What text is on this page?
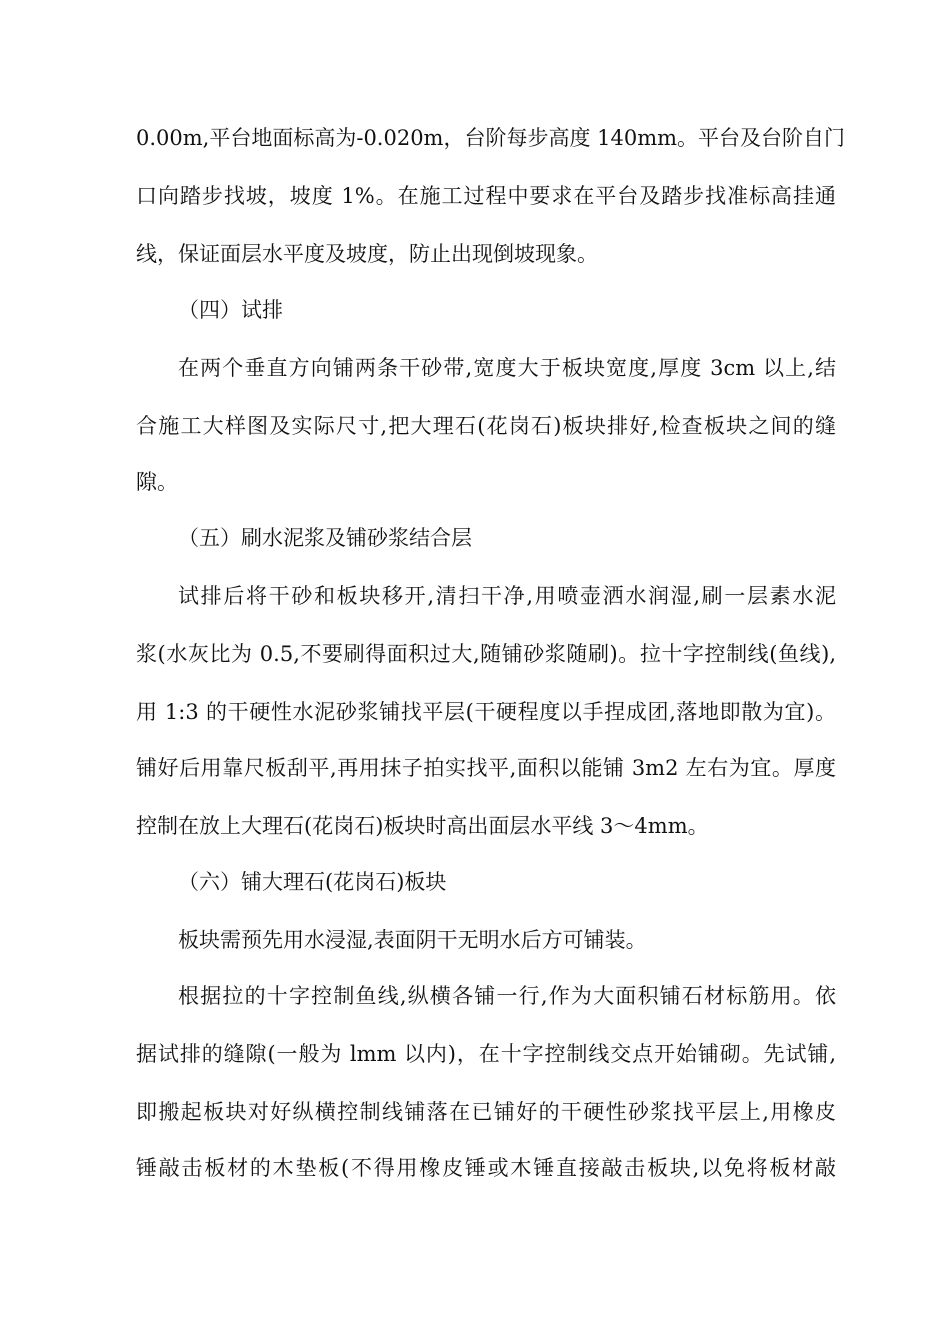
0.00m,平台地面标高为-0.020m，台阶每步高度 140mm。平台及台阶自门
口向踏步找坡，坡度 1%。在施工过程中要求在平台及踏步找准标高挂通
线，保证面层水平度及坡度，防止出现倒坡现象。
（四）试排
在两个垂直方向铺两条干砂带,宽度大于板块宽度,厚度 3cm 以上,结
合施工大样图及实际尺寸,把大理石(花岗石)板块排好,检查板块之间的缝
隙。
（五）刷水泥浆及铺砂浆结合层
试排后将干砂和板块移开,清扫干净,用喷壶洒水润湿,刷一层素水泥
浆(水灰比为 0.5,不要刷得面积过大,随铺砂浆随刷)。拉十字控制线(鱼线),
用 1:3 的干硬性水泥砂浆铺找平层(干硬程度以手捏成团,落地即散为宜)。
铺好后用靠尺板刮平,再用抹子拍实找平,面积以能铺 3m2 左右为宜。厚度
控制在放上大理石(花岗石)板块时高出面层水平线 3～4mm。
（六）铺大理石(花岗石)板块
板块需预先用水浸湿,表面阴干无明水后方可铺装。
根据拉的十字控制鱼线,纵横各铺一行,作为大面积铺石材标筋用。依
据试排的缝隙(一般为 lmm 以内)，在十字控制线交点开始铺砌。先试铺,
即搬起板块对好纵横控制线铺落在已铺好的干硬性砂浆找平层上,用橡皮
锤敲击板材的木垫板(不得用橡皮锤或木锤直接敲击板块,以免将板材敲
